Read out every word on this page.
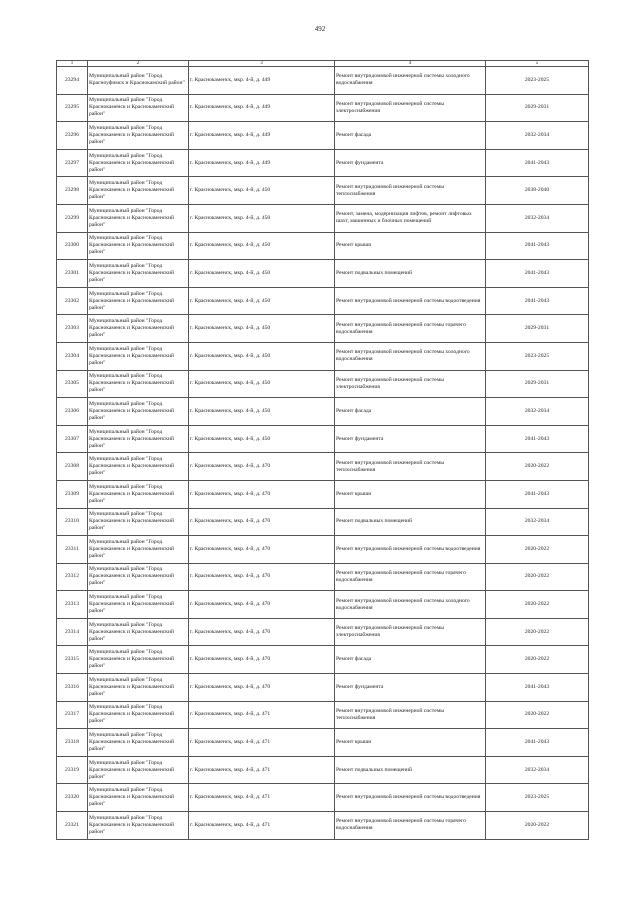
492
1	2	3	4	5
23294	Муниципальный район "Город Красноуфимск и Краснокамский район"	г. Краснокаменск, мкр. 4-й, д. 449	Ремонт внутридомовой инженерной системы холодного водоснабжения	2023-2025
23295	Муниципальный район "Город Краснокаменск и Краснокаменский район"	г. Краснокаменск, мкр. 4-й, д. 449	Ремонт внутридомовой инженерной системы электроснабжения	2029-2031
23296	Муниципальный район "Город Краснокаменск и Краснокаменский район"	г. Краснокаменск, мкр. 4-й, д. 449	Ремонт фасада	2032-2034
23297	Муниципальный район "Город Краснокаменск и Краснокаменский район"	г. Краснокаменск, мкр. 4-й, д. 449	Ремонт фундамента	2041-2043
23298	Муниципальный район "Город Краснокаменск и Краснокаменский район"	г. Краснокаменск, мкр. 4-й, д. 450	Ремонт внутридомовой инженерной системы теплоснабжения	2038-2040
23299	Муниципальный район "Город Краснокаменск и Краснокаменский район"	г. Краснокаменск, мкр. 4-й, д. 450	Ремонт, замена, модернизация лифтов, ремонт лифтовых шахт, машинных и блочных помещений	2032-2034
23300	Муниципальный район "Город Краснокаменск и Краснокаменский район"	г. Краснокаменск, мкр. 4-й, д. 450	Ремонт крыши	2041-2043
23301	Муниципальный район "Город Краснокаменск и Краснокаменский район"	г. Краснокаменск, мкр. 4-й, д. 450	Ремонт подвальных помещений	2041-2043
23302	Муниципальный район "Город Краснокаменск и Краснокаменский район"	г. Краснокаменск, мкр. 4-й, д. 450	Ремонт внутридомовой инженерной системы водоотведения	2041-2043
23303	Муниципальный район "Город Краснокаменск и Краснокаменский район"	г. Краснокаменск, мкр. 4-й, д. 450	Ремонт внутридомовой инженерной системы горячего водоснабжения	2029-2031
23304	Муниципальный район "Город Краснокаменск и Краснокаменский район"	г. Краснокаменск, мкр. 4-й, д. 450	Ремонт внутридомовой инженерной системы холодного водоснабжения	2023-2025
23305	Муниципальный район "Город Краснокаменск и Краснокаменский район"	г. Краснокаменск, мкр. 4-й, д. 450	Ремонт внутридомовой инженерной системы электроснабжения	2029-2031
23306	Муниципальный район "Город Краснокаменск и Краснокаменский район"	г. Краснокаменск, мкр. 4-й, д. 450	Ремонт фасада	2032-2034
23307	Муниципальный район "Город Краснокаменск и Краснокаменский район"	г. Краснокаменск, мкр. 4-й, д. 450	Ремонт фундамента	2041-2043
23308	Муниципальный район "Город Краснокаменск и Краснокаменский район"	г. Краснокаменск, мкр. 4-й, д. 470	Ремонт внутридомовой инженерной системы теплоснабжения	2020-2022
23309	Муниципальный район "Город Краснокаменск и Краснокаменский район"	г. Краснокаменск, мкр. 4-й, д. 470	Ремонт крыши	2041-2043
23310	Муниципальный район "Город Краснокаменск и Краснокаменский район"	г. Краснокаменск, мкр. 4-й, д. 470	Ремонт подвальных помещений	2032-2034
23311	Муниципальный район "Город Краснокаменск и Краснокаменский район"	г. Краснокаменск, мкр. 4-й, д. 470	Ремонт внутридомовой инженерной системы водоотведения	2020-2022
23312	Муниципальный район "Город Краснокаменск и Краснокаменский район"	г. Краснокаменск, мкр. 4-й, д. 470	Ремонт внутридомовой инженерной системы горячего водоснабжения	2020-2022
23313	Муниципальный район "Город Краснокаменск и Краснокаменский район"	г. Краснокаменск, мкр. 4-й, д. 470	Ремонт внутридомовой инженерной системы холодного водоснабжения	2020-2022
23314	Муниципальный район "Город Краснокаменск и Краснокаменский район"	г. Краснокаменск, мкр. 4-й, д. 470	Ремонт внутридомовой инженерной системы электроснабжения	2020-2022
23315	Муниципальный район "Город Краснокаменск и Краснокаменский район"	г. Краснокаменск, мкр. 4-й, д. 470	Ремонт фасада	2020-2022
23316	Муниципальный район "Город Краснокаменск и Краснокаменский район"	г. Краснокаменск, мкр. 4-й, д. 470	Ремонт фундамента	2041-2043
23317	Муниципальный район "Город Краснокаменск и Краснокаменский район"	г. Краснокаменск, мкр. 4-й, д. 471	Ремонт внутридомовой инженерной системы теплоснабжения	2020-2022
23318	Муниципальный район "Город Краснокаменск и Краснокаменский район"	г. Краснокаменск, мкр. 4-й, д. 471	Ремонт крыши	2041-2043
23319	Муниципальный район "Город Краснокаменск и Краснокаменский район"	г. Краснокаменск, мкр. 4-й, д. 471	Ремонт подвальных помещений	2032-2034
23320	Муниципальный район "Город Краснокаменск и Краснокаменский район"	г. Краснокаменск, мкр. 4-й, д. 471	Ремонт внутридомовой инженерной системы водоотведения	2023-2025
23321	Муниципальный район "Город Краснокаменск и Краснокаменский район"	г. Краснокаменск, мкр. 4-й, д. 471	Ремонт внутридомовой инженерной системы горячего водоснабжения	2020-2022
